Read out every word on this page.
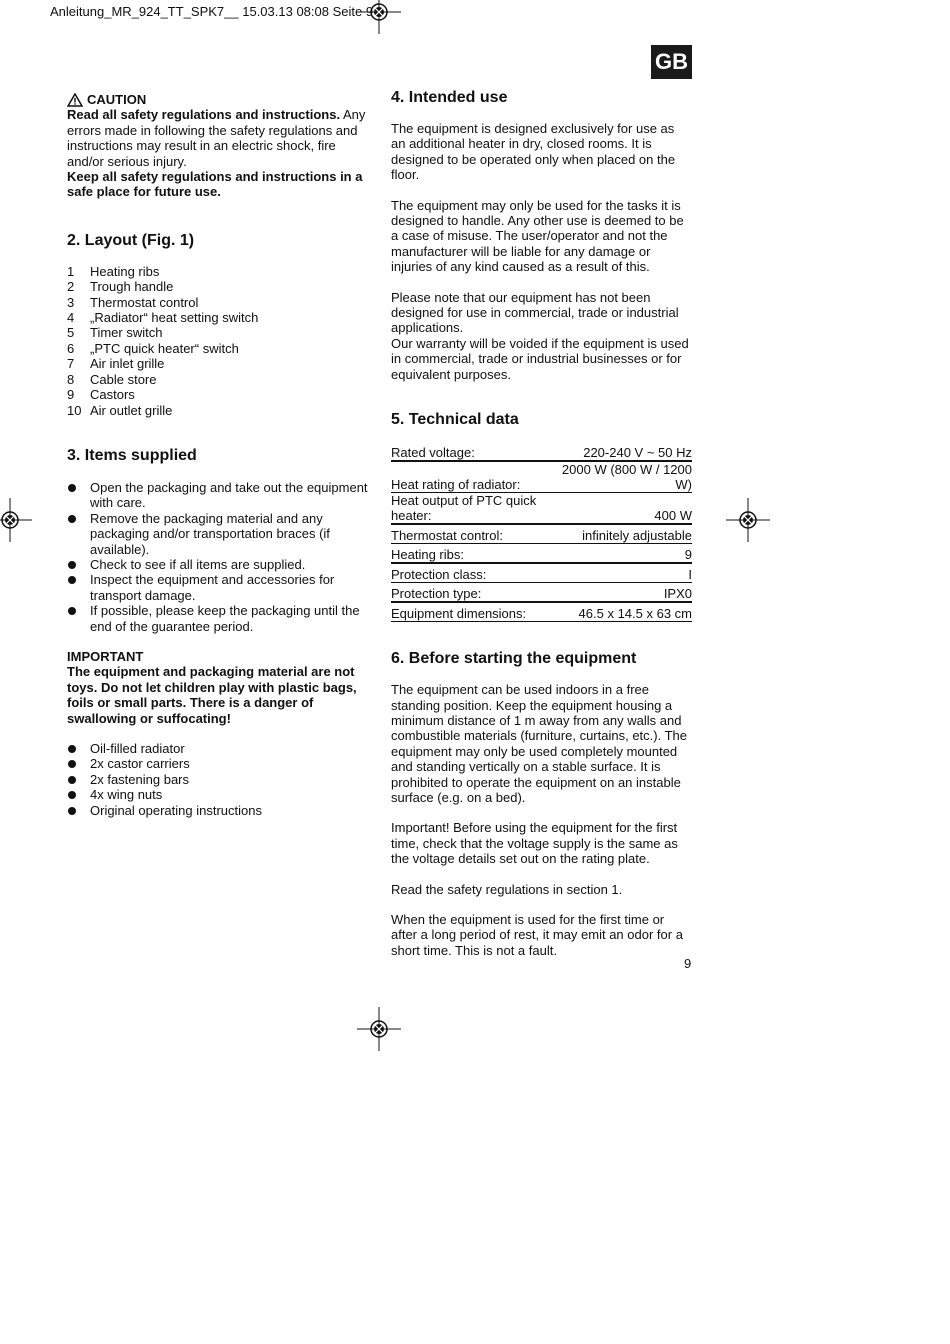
Anleitung_MR_924_TT_SPK7__ 15.03.13 08:08 Seite 9
GB
CAUTION

Read all safety regulations and instructions. Any errors made in following the safety regulations and instructions may result in an electric shock, fire and/or serious injury.

Keep all safety regulations and instructions in a safe place for future use.

2. Layout (Fig. 1)
1	Heating ribs
2	Trough handle
3	Thermostat control
4	„Radiator“ heat setting switch
5	Timer switch
6	„PTC quick heater“ switch
7	Air inlet grille
8	Cable store
9	Castors
10 Air outlet grille
3. Items supplied
Open the packaging and take out the equipment with care.
Remove the packaging material and any packaging and/or transportation braces (if available).
Check to see if all items are supplied.
Inspect the equipment and accessories for transport damage.
If possible, please keep the packaging until the end of the guarantee period.

IMPORTANT

The equipment and packaging material are not toys. Do not let children play with plastic bags, foils or small parts. There is a danger of swallowing or suffocating!

Oil-filled radiator
2x castor carriers
2x fastening bars
4x wing nuts
Original operating instructions
4. Intended use

The equipment is designed exclusively for use as an additional heater in dry, closed rooms. It is designed to be operated only when placed on the floor.

The equipment may only be used for the tasks it is designed to handle. Any other use is deemed to be a case of misuse. The user/operator and not the manufacturer will be liable for any damage or injuries of any kind caused as a result of this.

Please note that our equipment has not been designed for use in commercial, trade or industrial applications.

Our warranty will be voided if the equipment is used in commercial, trade or industrial businesses or for equivalent purposes.

5. Technical data
Rated voltage:	220-240 V ~ 50 Hz
Heat rating of radiator:	2000 W (800 W / 1200 W)
Heat output of PTC quick heater:	400 W
Thermostat control:	infinitely adjustable
Heating ribs:	9
Protection class:	I
Protection type:	IPX0
Equipment dimensions:	46.5 x 14.5 x 63 cm
6. Before starting the equipment

The equipment can be used indoors in a free standing position. Keep the equipment housing a minimum distance of 1 m away from any walls and combustible materials (furniture, curtains, etc.). The equipment may only be used completely mounted and standing vertically on a stable surface. It is prohibited to operate the equipment on an instable surface (e.g. on a bed).

Important! Before using the equipment for the first time, check that the voltage supply is the same as the voltage details set out on the rating plate.

Read the safety regulations in section 1.

When the equipment is used for the first time or after a long period of rest, it may emit an odor for a short time. This is not a fault.

9
